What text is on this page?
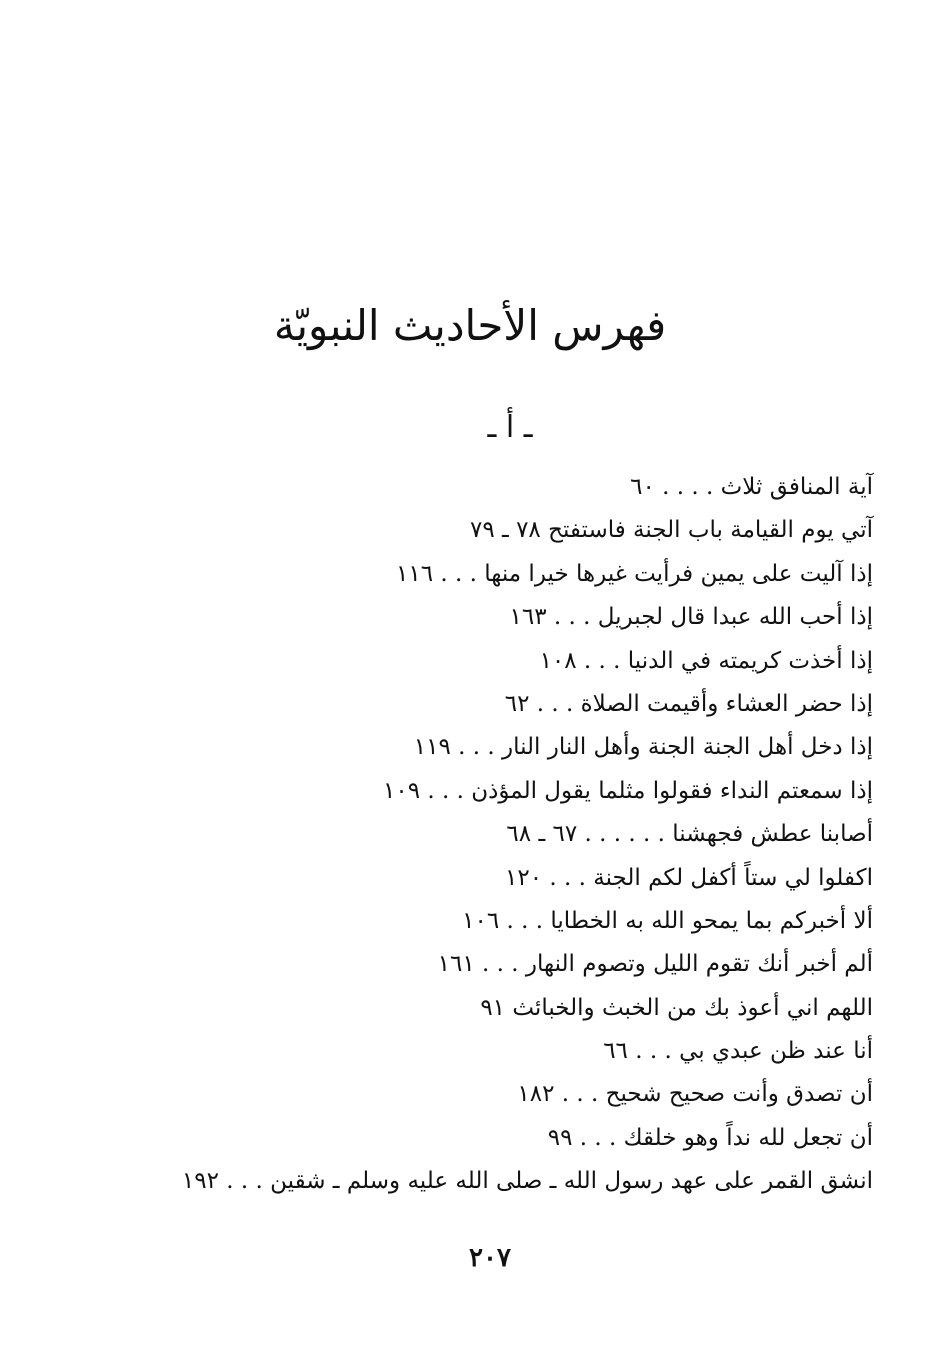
فهرس الأحاديث النبويّة
ـ أ ـ
آية المنافق ثلاث . . . . ٦٠
آتي يوم القيامة باب الجنة فاستفتح ٧٨ ـ ٧٩
إذا آليت على يمين فرأيت غيرها خيرا منها . . . ١١٦
إذا أحب الله عبدا قال لجبريل . . . ١٦٣
إذا أخذت كريمته في الدنيا . . . ١٠٨
إذا حضر العشاء وأقيمت الصلاة . . . ٦٢
إذا دخل أهل الجنة الجنة وأهل النار النار . . . ١١٩
إذا سمعتم النداء فقولوا مثلما يقول المؤذن . . . ١٠٩
أصابنا عطش فجهشنا . . . . . . ٦٧ ـ ٦٨
اكفلوا لي ستاً أكفل لكم الجنة . . . ١٢٠
ألا أخبركم بما يمحو الله به الخطايا . . . ١٠٦
ألم أخبر أنك تقوم الليل وتصوم النهار . . . ١٦١
اللهم اني أعوذ بك من الخبث والخبائث ٩١
أنا عند ظن عبدي بي . . . ٦٦
أن تصدق وأنت صحيح شحيح . . . ١٨٢
أن تجعل لله نداً وهو خلقك . . . ٩٩
انشق القمر على عهد رسول الله ـ صلى الله عليه وسلم ـ شقين . . . ١٩٢
٢٠٧
